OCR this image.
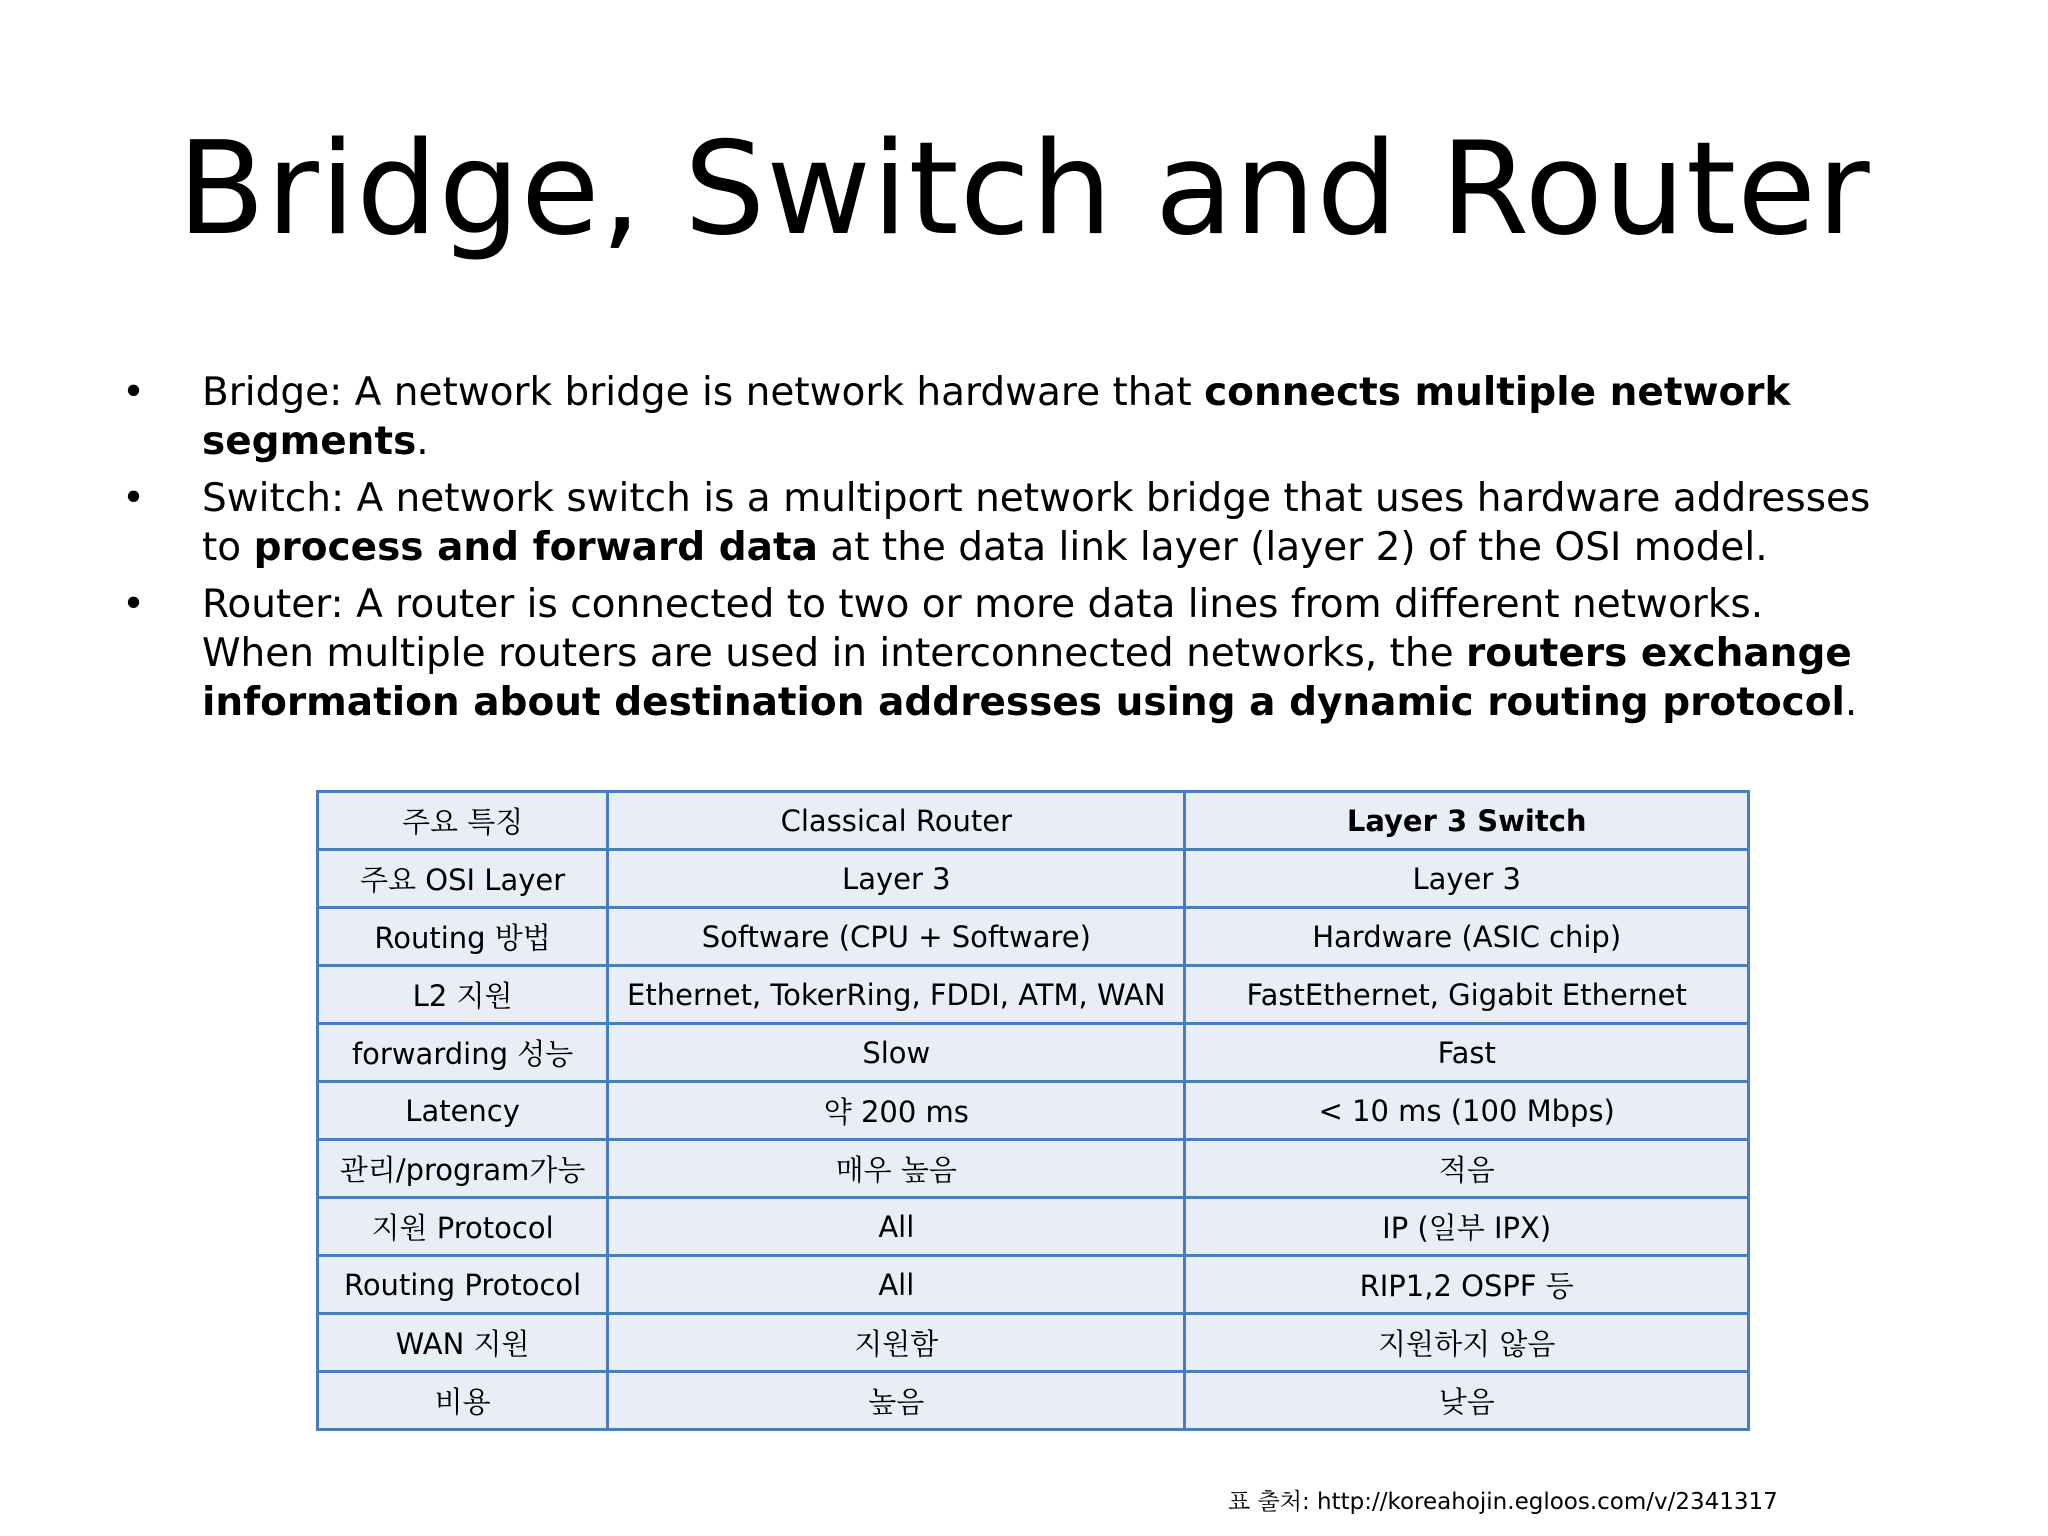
Bridge, Switch and Router
• Bridge: A network bridge is network hardware that connects multiple network segments.
• Switch: A network switch is a multiport network bridge that uses hardware addresses to process and forward data at the data link layer (layer 2) of the OSI model.
• Router: A router is connected to two or more data lines from different networks. When multiple routers are used in interconnected networks, the routers exchange information about destination addresses using a dynamic routing protocol.
주요 특징	Classical Router	Layer 3 Switch
주요 OSI Layer	Layer 3	Layer 3
Routing 방법	Software (CPU + Software)	Hardware (ASIC chip)
L2 지원	Ethernet, TokerRing, FDDI, ATM, WAN	FastEthernet, Gigabit Ethernet
forwarding 성능	Slow	Fast
Latency	약 200 ms	< 10 ms (100 Mbps)
관리/program가능	매우 높음	적음
지원 Protocol	All	IP (일부 IPX)
Routing Protocol	All	RIP1,2 OSPF 등
WAN 지원	지원함	지원하지 않음
비용	높음	낮음
표 출처: http://koreahojin.egloos.com/v/2341317
